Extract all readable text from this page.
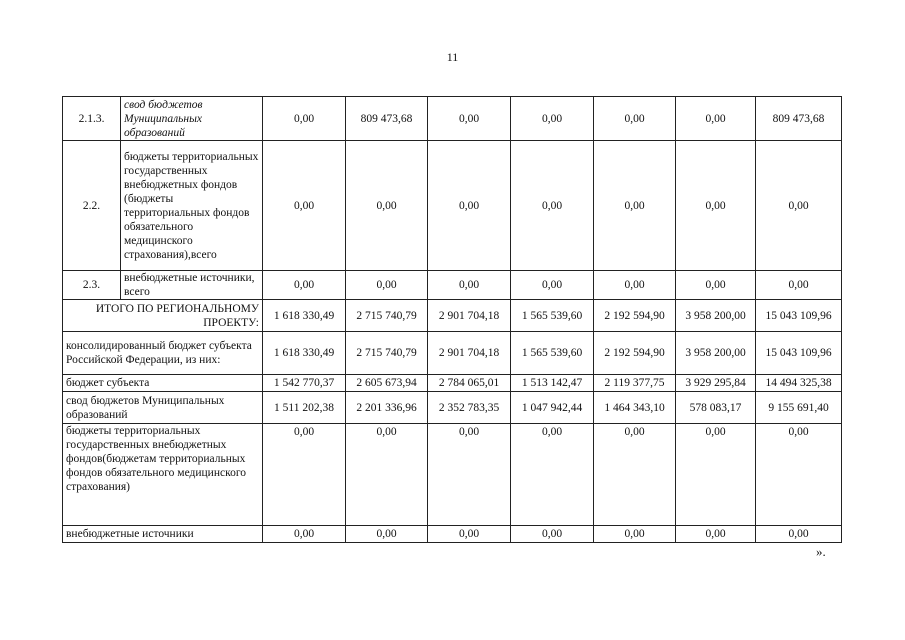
11
2.1.3.	свод бюджетов Муниципальных образований	0,00	809 473,68	0,00	0,00	0,00	0,00	809 473,68
2.2.	бюджеты территориальных государственных внебюджетных фондов (бюджеты территориальных фондов обязательного медицинского страхования),всего	0,00	0,00	0,00	0,00	0,00	0,00	0,00
2.3.	внебюджетные источники, всего	0,00	0,00	0,00	0,00	0,00	0,00	0,00
ИТОГО ПО РЕГИОНАЛЬНОМУ ПРОЕКТУ:		1 618 330,49	2 715 740,79	2 901 704,18	1 565 539,60	2 192 594,90	3 958 200,00	15 043 109,96
консолидированный бюджет субъекта Российской Федерации, из них:		1 618 330,49	2 715 740,79	2 901 704,18	1 565 539,60	2 192 594,90	3 958 200,00	15 043 109,96
бюджет субъекта		1 542 770,37	2 605 673,94	2 784 065,01	1 513 142,47	2 119 377,75	3 929 295,84	14 494 325,38
свод бюджетов Муниципальных образований		1 511 202,38	2 201 336,96	2 352 783,35	1 047 942,44	1 464 343,10	578 083,17	9 155 691,40
бюджеты территориальных государственных внебюджетных фондов(бюджетам территориальных фондов обязательного медицинского страхования)		0,00	0,00	0,00	0,00	0,00	0,00	0,00
внебюджетные источники		0,00	0,00	0,00	0,00	0,00	0,00	0,00
».
